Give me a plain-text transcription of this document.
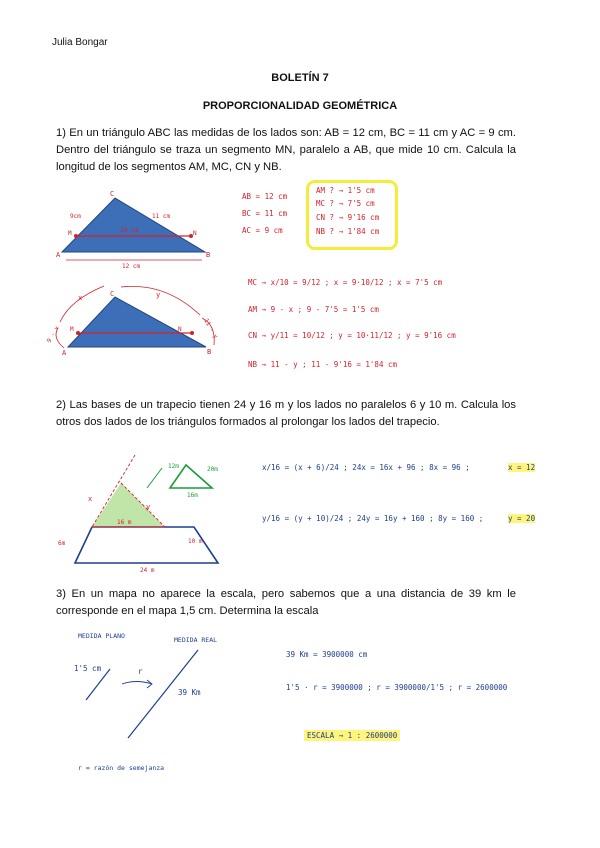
Julia Bongar
BOLETÍN 7
PROPORCIONALIDAD GEOMÉTRICA
1) En un triángulo ABC las medidas de los lados son: AB = 12 cm, BC = 11 cm y AC = 9 cm. Dentro del triángulo se traza un segmento MN, paralelo a AB, que mide 10 cm. Calcula la longitud de los segmentos AM, MC, CN y NB.
C
A	B
M	N
9cm	11 cm
10 cm
12 cm
AB = 12 cm
BC = 11 cm
AC = 9 cm
AM ? → 1'5 cm
MC ? → 7'5 cm
CN ? → 9'16 cm
NB ? → 1'84 cm
C
A	B
M	N
x	y
9 - x	11 - y
MC → x/10 = 9/12 ; x = 9·10/12 ; x = 7'5 cm
AM → 9 - x ; 9 - 7'5 = 1'5 cm
CN → y/11 = 10/12 ; y = 10·11/12 ; y = 9'16 cm
NB → 11 - y ; 11 - 9'16 = 1'84 cm
2) Las bases de un trapecio tienen 24 y 16 m y los lados no paralelos 6 y 10 m. Calcula los otros dos lados de los triángulos formados al prolongar los lados del trapecio.
x
y
6m
16 m
10 m
24 m
12m	20m
16m
x/16 = (x + 6)/24 ; 24x = 16x + 96 ; 8x = 96 ;	x = 12
y/16 = (y + 10)/24 ; 24y = 16y + 160 ; 8y = 160 ;	y = 20
3) En un mapa no aparece la escala, pero sabemos que a una distancia de 39 km le corresponde en el mapa 1,5 cm. Determina la escala
MEDIDA PLANO	MEDIDA REAL
1'5 cm	r
39 Km
39 Km = 3900000 cm
1'5 · r = 3900000 ; r = 3900000/1'5 ; r = 2600000
ESCALA → 1 : 2600000
r = razón de semejanza
